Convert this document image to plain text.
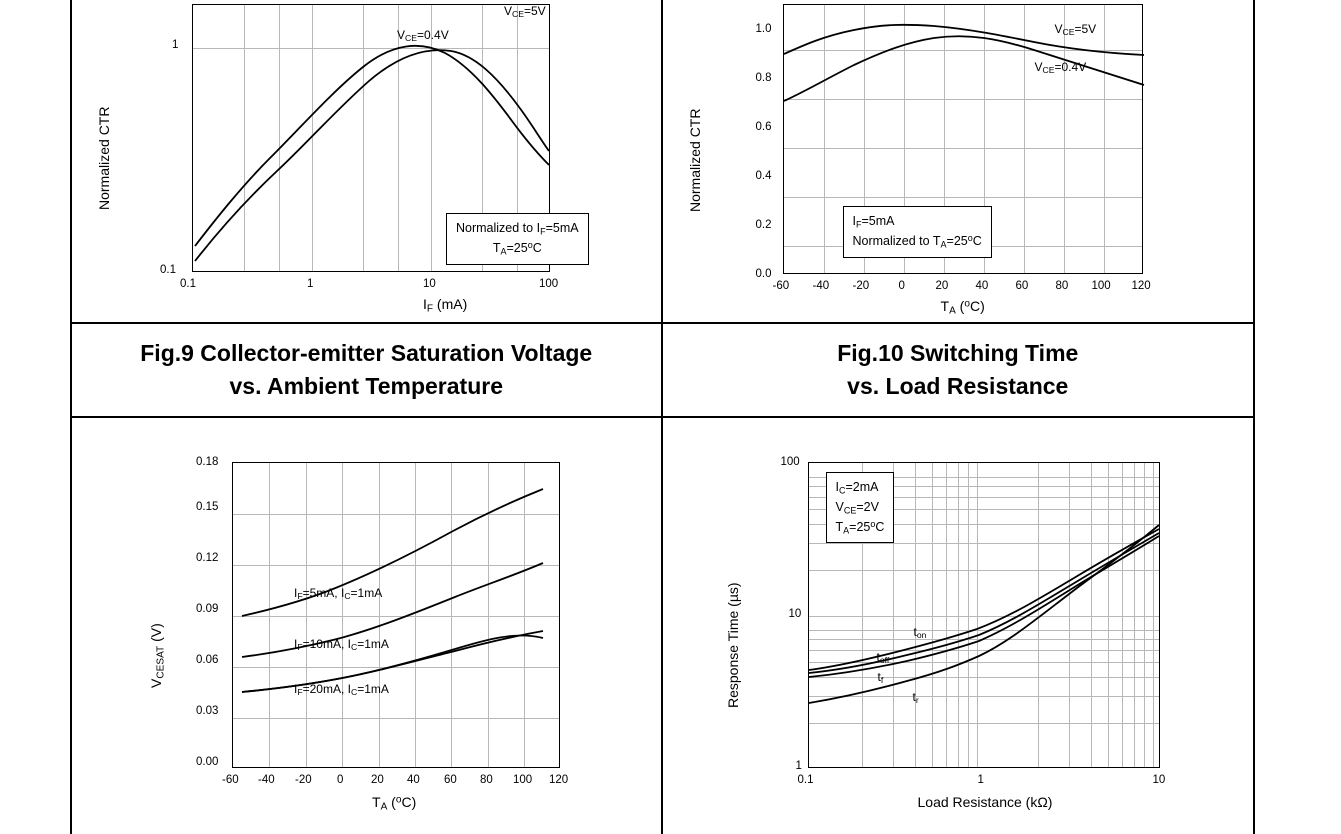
1
0.1
0.1	1	10	100
$I_F$ (mA)
Normalized CTR
$V_{CE}=0.4V$
$V_{CE}=5V$
Normalized to $I_F=5mA$
$T_A=25^oC$
0.0
0.2
0.4
0.6
0.8
1.0
-60 -40 -20	0	20 40 60 80 100 120
$T_A$ ($^o$C)
Normalized CTR
$V_{CE}=5V$
$V_{CE}=0.4V$
$I_F=5mA$
Normalized to $T_A=25^oC$
Fig.9 Collector-emitter Saturation Voltage
vs. Ambient Temperature
Fig.10 Switching Time
vs. Load Resistance
0.00
0.03
0.06
0.09
0.12
0.15
0.18
-60 -40 -20 0 20 40 60 80 100 120
$T_A$ ($^o$C)
$V_{CESAT}$ (V)
$I_F=5mA$, $I_C=1mA$
$I_F=10mA$, $I_C=1mA$
$I_F=20mA$, $I_C=1mA$
100
10
1
0.1	1	10
Load Resistance (kΩ)
Response Time (µs)
$I_C=2mA$
$V_{CE}=2V$
$T_A=25^oC$
$t_{on}$
$t_{off}$
$t_f$
$t_r$
